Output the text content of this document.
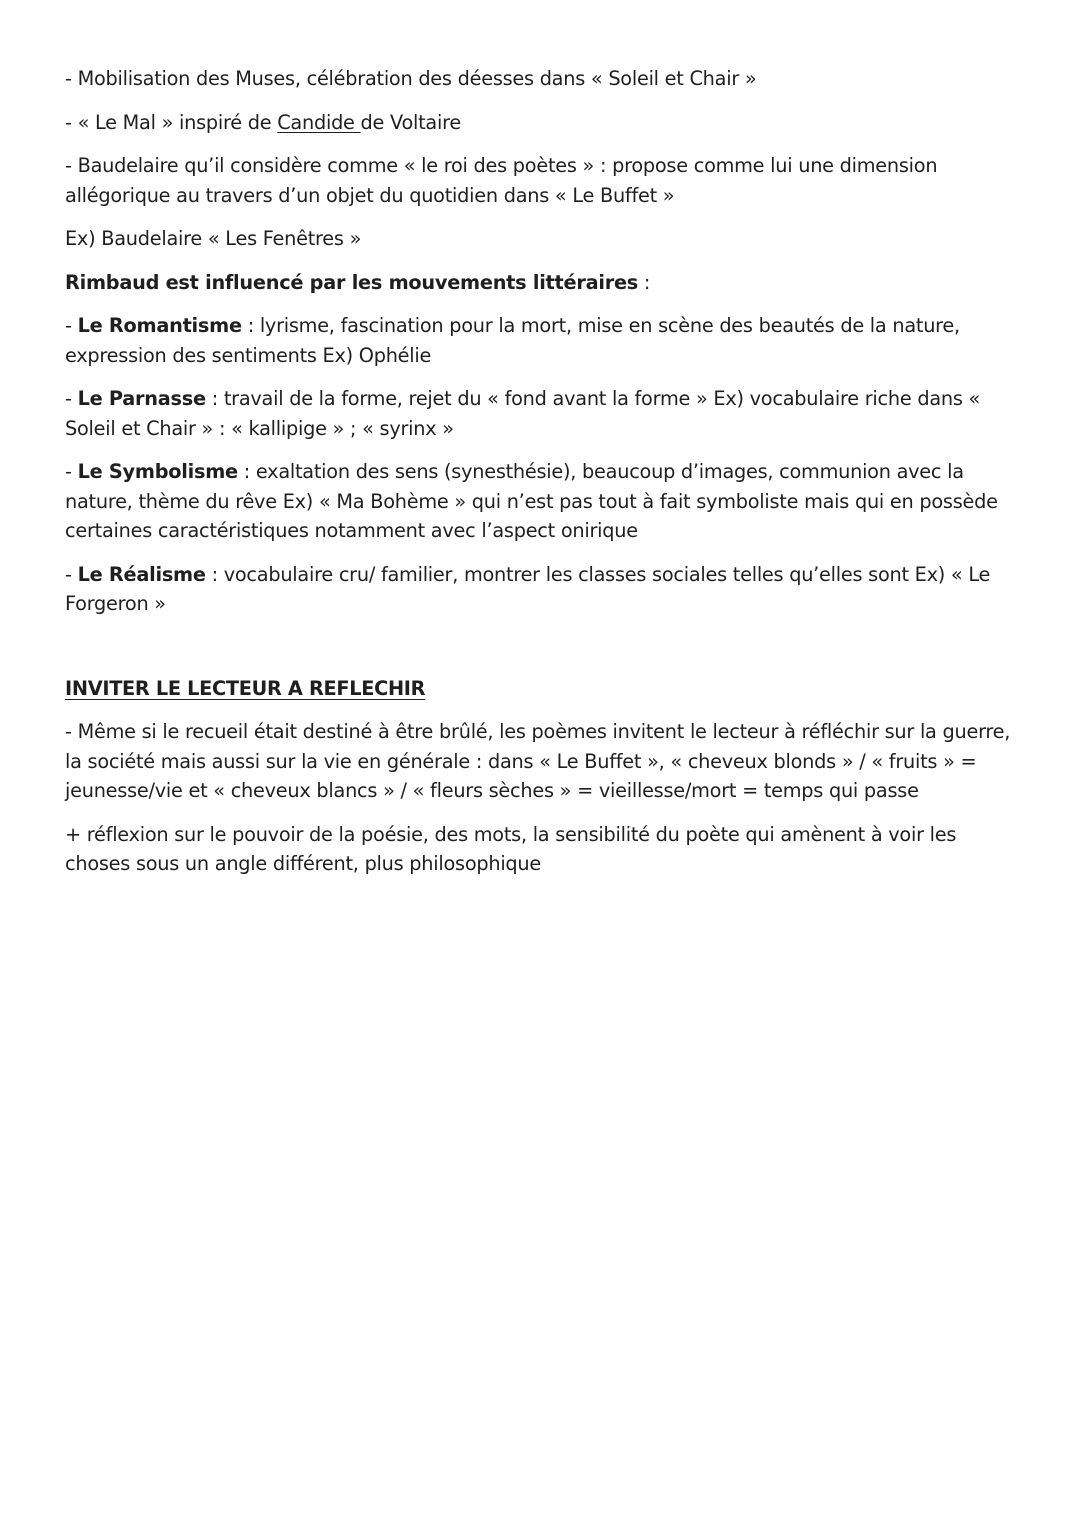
- Mobilisation des Muses, célébration des déesses dans « Soleil et Chair »

- « Le Mal » inspiré de Candide de Voltaire

- Baudelaire qu’il considère comme « le roi des poètes » : propose comme lui une dimension allégorique au travers d’un objet du quotidien dans « Le Buffet »

Ex) Baudelaire « Les Fenêtres »

Rimbaud est influencé par les mouvements littéraires :

- Le Romantisme : lyrisme, fascination pour la mort, mise en scène des beautés de la nature, expression des sentiments Ex) Ophélie

- Le Parnasse : travail de la forme, rejet du « fond avant la forme » Ex) vocabulaire riche dans « Soleil et Chair » : « kallipige » ; « syrinx »

- Le Symbolisme : exaltation des sens (synesthésie), beaucoup d’images, communion avec la nature, thème du rêve Ex) « Ma Bohème » qui n’est pas tout à fait symboliste mais qui en possède certaines caractéristiques notamment avec l’aspect onirique

- Le Réalisme : vocabulaire cru/ familier, montrer les classes sociales telles qu’elles sont Ex) « Le Forgeron »

INVITER LE LECTEUR A REFLECHIR

- Même si le recueil était destiné à être brûlé, les poèmes invitent le lecteur à réfléchir sur la guerre, la société mais aussi sur la vie en générale : dans « Le Buffet », « cheveux blonds » / « fruits » = jeunesse/vie et « cheveux blancs » / « fleurs sèches » = vieillesse/mort = temps qui passe

+ réflexion sur le pouvoir de la poésie, des mots, la sensibilité du poète qui amènent à voir les choses sous un angle différent, plus philosophique
